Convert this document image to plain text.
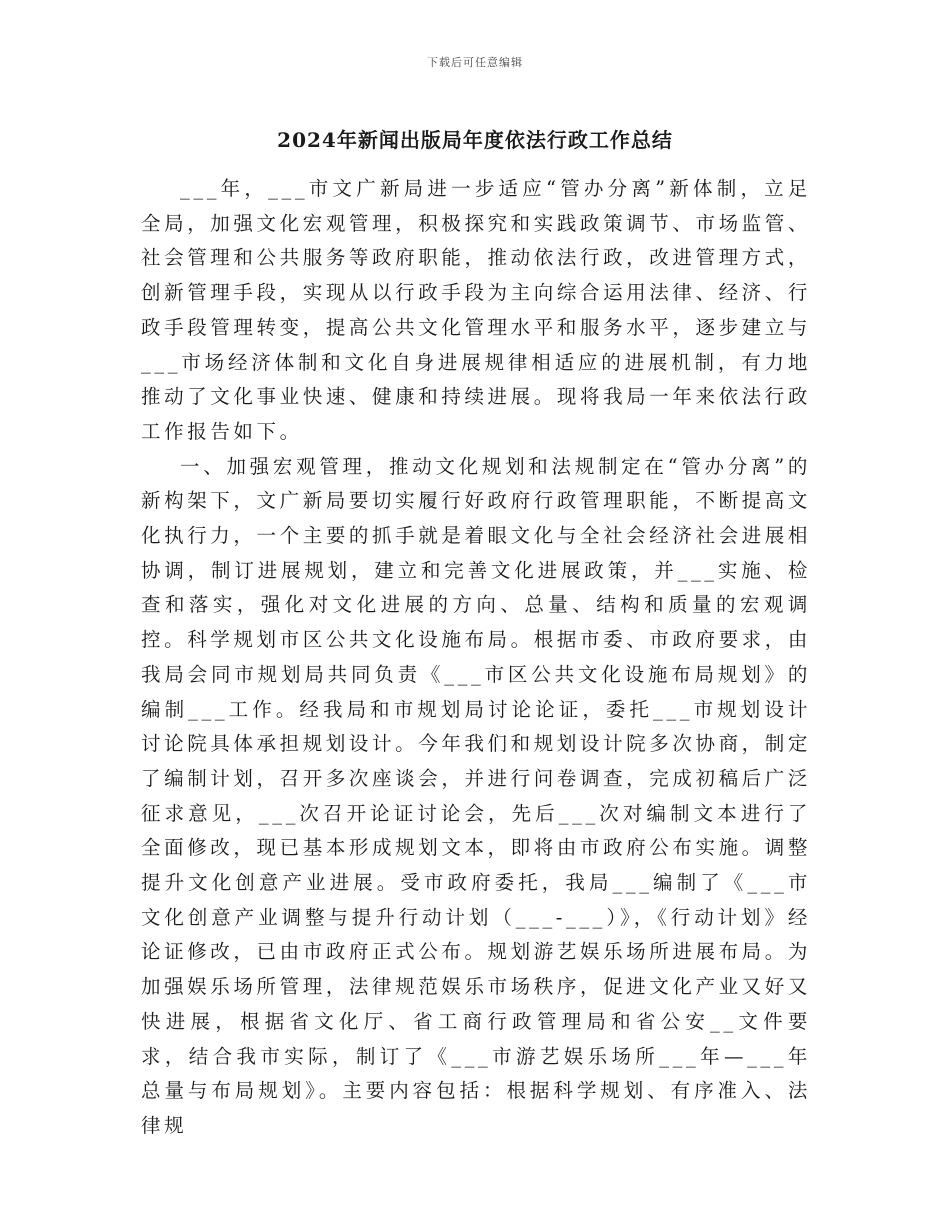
下载后可任意编辑
2024年新闻出版局年度依法行政工作总结

___年，___市文广新局进一步适应“管办分离”新体制，立足全局，加强文化宏观管理，积极探究和实践政策调节、市场监管、社会管理和公共服务等政府职能，推动依法行政，改进管理方式，创新管理手段，实现从以行政手段为主向综合运用法律、经济、行政手段管理转变，提高公共文化管理水平和服务水平，逐步建立与___市场经济体制和文化自身进展规律相适应的进展机制，有力地推动了文化事业快速、健康和持续进展。现将我局一年来依法行政工作报告如下。

一、加强宏观管理，推动文化规划和法规制定在“管办分离”的新构架下，文广新局要切实履行好政府行政管理职能，不断提高文化执行力，一个主要的抓手就是着眼文化与全社会经济社会进展相协调，制订进展规划，建立和完善文化进展政策，并___实施、检查和落实，强化对文化进展的方向、总量、结构和质量的宏观调控。科学规划市区公共文化设施布局。根据市委、市政府要求，由我局会同市规划局共同负责《___市区公共文化设施布局规划》的编制___工作。经我局和市规划局讨论论证，委托___市规划设计讨论院具体承担规划设计。今年我们和规划设计院多次协商，制定了编制计划，召开多次座谈会，并进行问卷调查，完成初稿后广泛征求意见，___次召开论证讨论会，先后___次对编制文本进行了全面修改，现已基本形成规划文本，即将由市政府公布实施。调整提升文化创意产业进展。受市政府委托，我局___编制了《___市文化创意产业调整与提升行动计划（___-___）》，《行动计划》经论证修改，已由市政府正式公布。规划游艺娱乐场所进展布局。为加强娱乐场所管理，法律规范娱乐市场秩序，促进文化产业又好又快进展，根据省文化厅、省工商行政管理局和省公安__文件要求，结合我市实际，制订了《___市游艺娱乐场所___年—___年总量与布局规划》。主要内容包括：根据科学规划、有序准入、法律规
